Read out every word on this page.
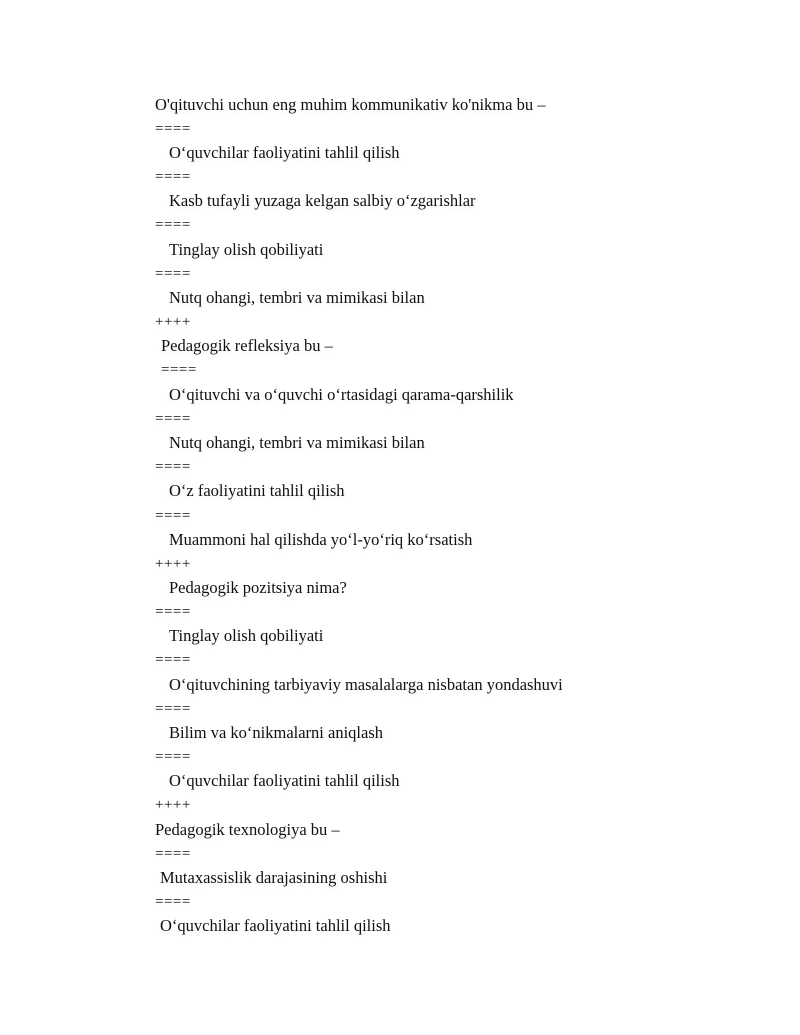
O'qituvchi uchun eng muhim kommunikativ ko'nikma bu –
====
O‘quvchilar faoliyatini tahlil qilish
====
Kasb tufayli yuzaga kelgan salbiy o‘zgarishlar
====
Tinglay olish qobiliyati
====
Nutq ohangi, tembri va mimikasi bilan
++++
Pedagogik refleksiya bu –
====
O‘qituvchi va o‘quvchi o‘rtasidagi qarama-qarshilik
====
Nutq ohangi, tembri va mimikasi bilan
====
O‘z faoliyatini tahlil qilish
====
Muammoni hal qilishda yo‘l-yo‘riq ko‘rsatish
++++
Pedagogik pozitsiya nima?
====
Tinglay olish qobiliyati
====
O‘qituvchining tarbiyaviy masalalarga nisbatan yondashuvi
====
Bilim va ko‘nikmalarni aniqlash
====
O‘quvchilar faoliyatini tahlil qilish
++++
Pedagogik texnologiya bu –
====
Mutaxassislik darajasining oshishi
====
O‘quvchilar faoliyatini tahlil qilish
